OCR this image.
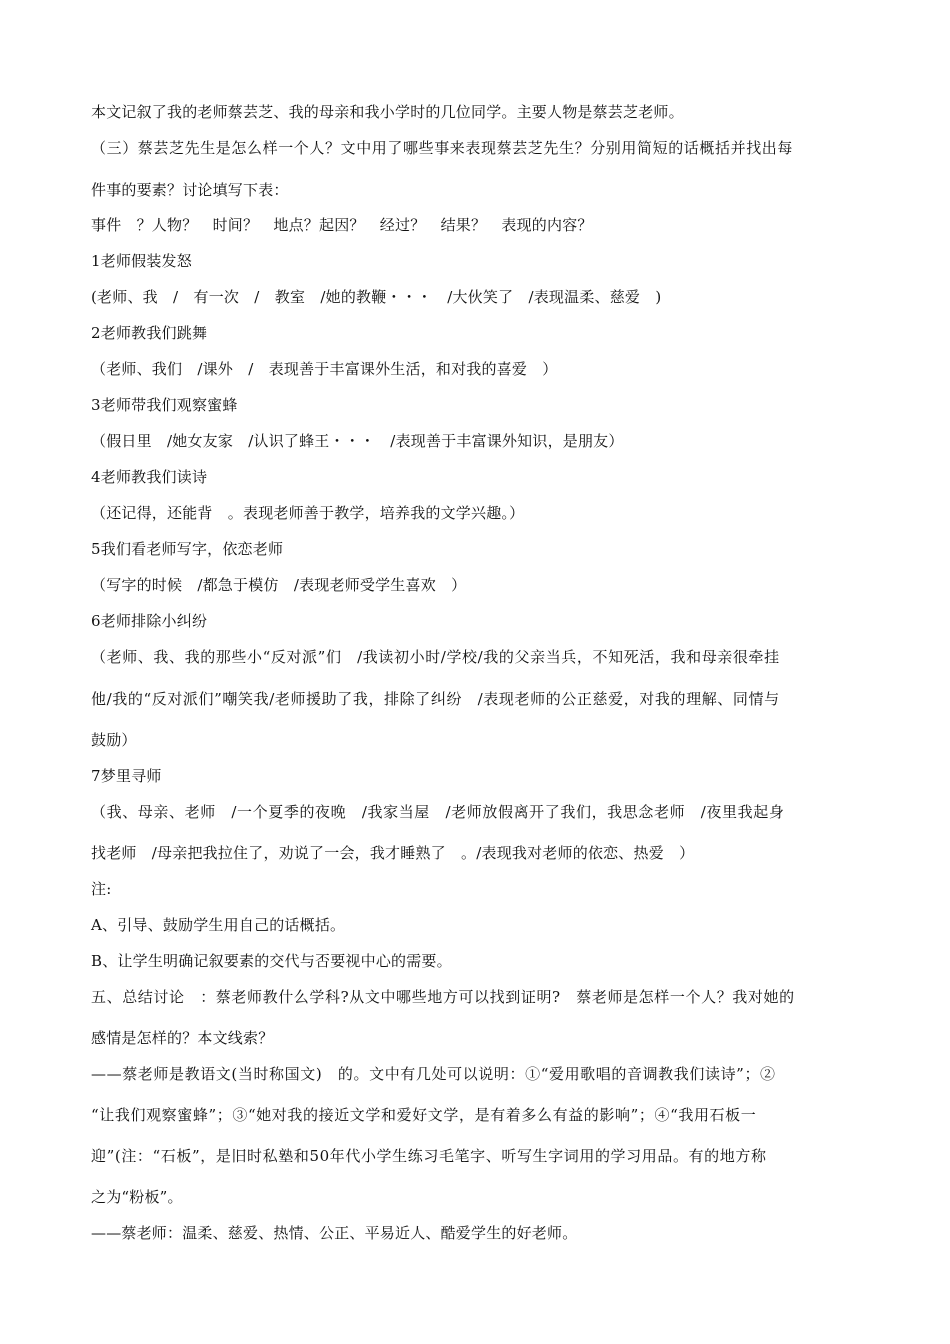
本文记叙了我的老师蔡芸芝、我的母亲和我小学时的几位同学。主要人物是蔡芸芝老师。
（三）蔡芸芝先生是怎么样一个人？文中用了哪些事来表现蔡芸芝先生？分别用简短的话概括并找出每
件事的要素？讨论填写下表：
事件　？人物？　时间？　地点？起因？　经过？　结果？　表现的内容？
1老师假装发怒
(老师、我　/　有一次　/　教室　/她的教鞭・・・　/大伙笑了　/表现温柔、慈爱　)
2老师教我们跳舞
（老师、我们　/课外　/　表现善于丰富课外生活，和对我的喜爱　）
3老师带我们观察蜜蜂
（假日里　/她女友家　/认识了蜂王・・・　/表现善于丰富课外知识，是朋友）
4老师教我们读诗
（还记得，还能背　。表现老师善于教学，培养我的文学兴趣。）
5我们看老师写字，依恋老师
（写字的时候　/都急于模仿　/表现老师受学生喜欢　）
6老师排除小纠纷
（老师、我、我的那些小“反对派”们　/我读初小时/学校/我的父亲当兵，不知死活，我和母亲很牵挂
他/我的“反对派们”嘲笑我/老师援助了我，排除了纠纷　/表现老师的公正慈爱，对我的理解、同情与
鼓励）
7梦里寻师
（我、母亲、老师　/一个夏季的夜晚　/我家当屋　/老师放假离开了我们，我思念老师　/夜里我起身
找老师　/母亲把我拉住了，劝说了一会，我才睡熟了　。/表现我对老师的依恋、热爱　）
注:
A、引导、鼓励学生用自己的话概括。
B、让学生明确记叙要素的交代与否要视中心的需要。
五、总结讨论　：蔡老师教什么学科?从文中哪些地方可以找到证明?　蔡老师是怎样一个人？我对她的
感情是怎样的？本文线索？
——蔡老师是教语文(当时称国文)　的。文中有几处可以说明：①“爱用歌唱的音调教我们读诗”；②
“让我们观察蜜蜂”；③“她对我的接近文学和爱好文学，是有着多么有益的影响”；④“我用石板一
迎”(注：“石板”，是旧时私塾和50年代小学生练习毛笔字、听写生字词用的学习用品。有的地方称
之为“粉板”。
——蔡老师：温柔、慈爱、热情、公正、平易近人、酷爱学生的好老师。
